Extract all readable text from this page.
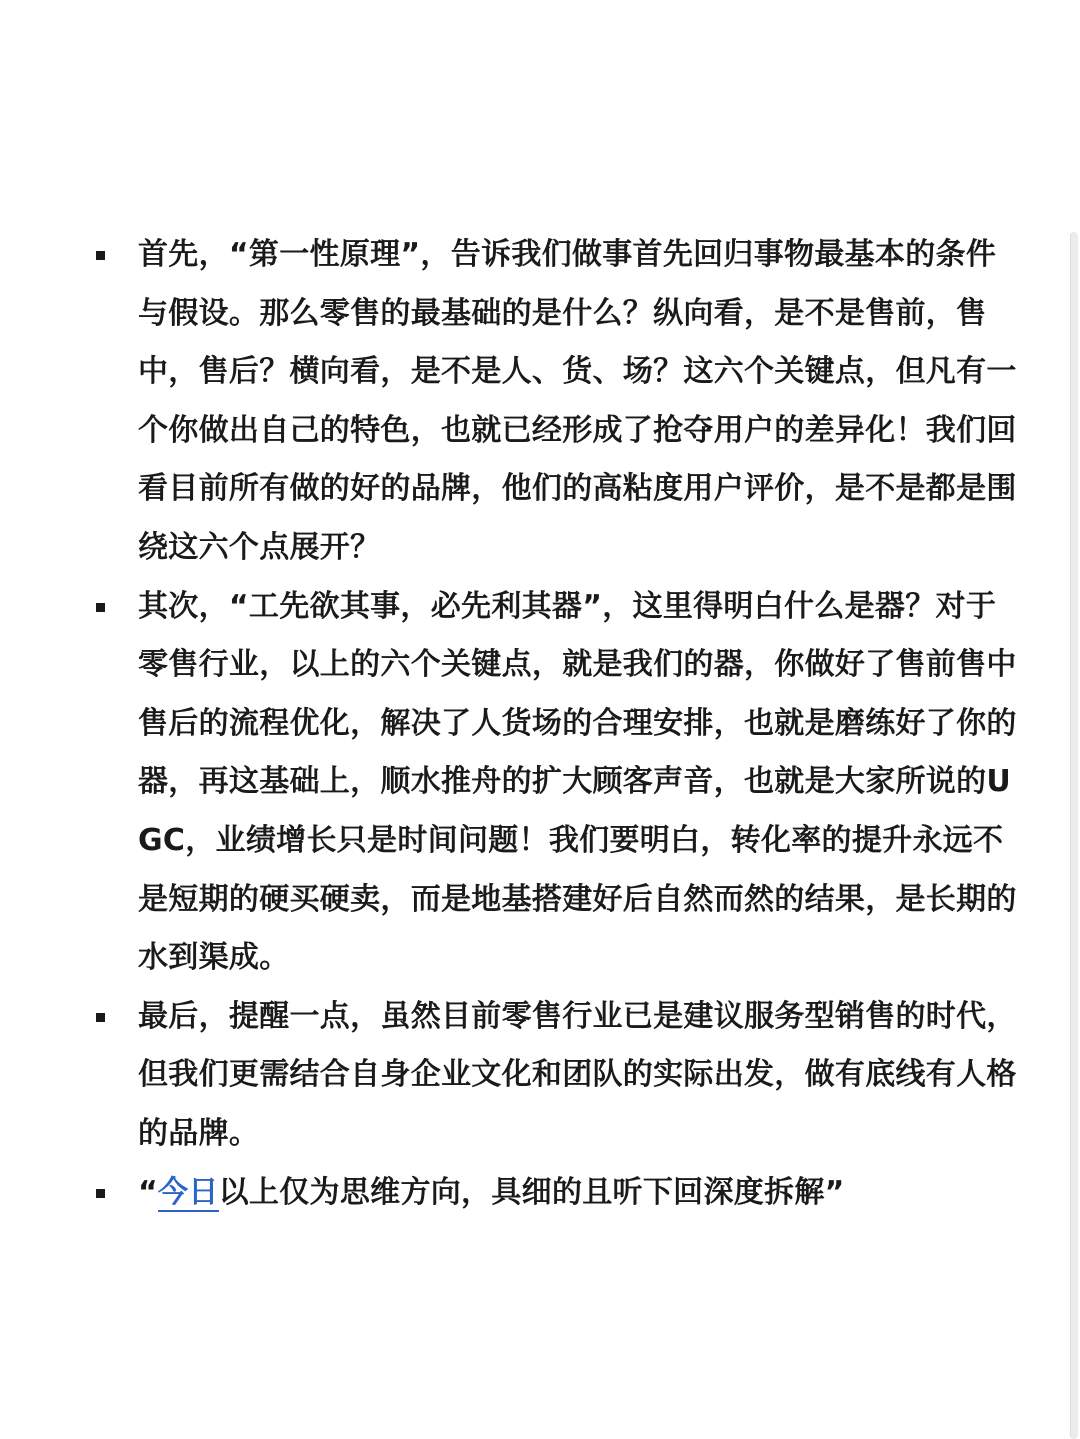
首先，“第一性原理”，告诉我们做事首先回归事物最基本的条件与假设。那么零售的最基础的是什么？纵向看，是不是售前，售中，售后？横向看，是不是人、货、场？这六个关键点，但凡有一个你做出自己的特色，也就已经形成了抢夺用户的差异化！我们回看目前所有做的好的品牌，他们的高粘度用户评价，是不是都是围绕这六个点展开？
其次，“工先欲其事，必先利其器”，这里得明白什么是器？对于零售行业，以上的六个关键点，就是我们的器，你做好了售前售中售后的流程优化，解决了人货场的合理安排，也就是磨练好了你的器，再这基础上，顺水推舟的扩大顾客声音，也就是大家所说的UGC，业绩增长只是时间问题！我们要明白，转化率的提升永远不是短期的硬买硬卖，而是地基搭建好后自然而然的结果，是长期的水到渠成。
最后，提醒一点，虽然目前零售行业已是建议服务型销售的时代，但我们更需结合自身企业文化和团队的实际出发，做有底线有人格的品牌。
“今日以上仅为思维方向，具细的且听下回深度拆解”
